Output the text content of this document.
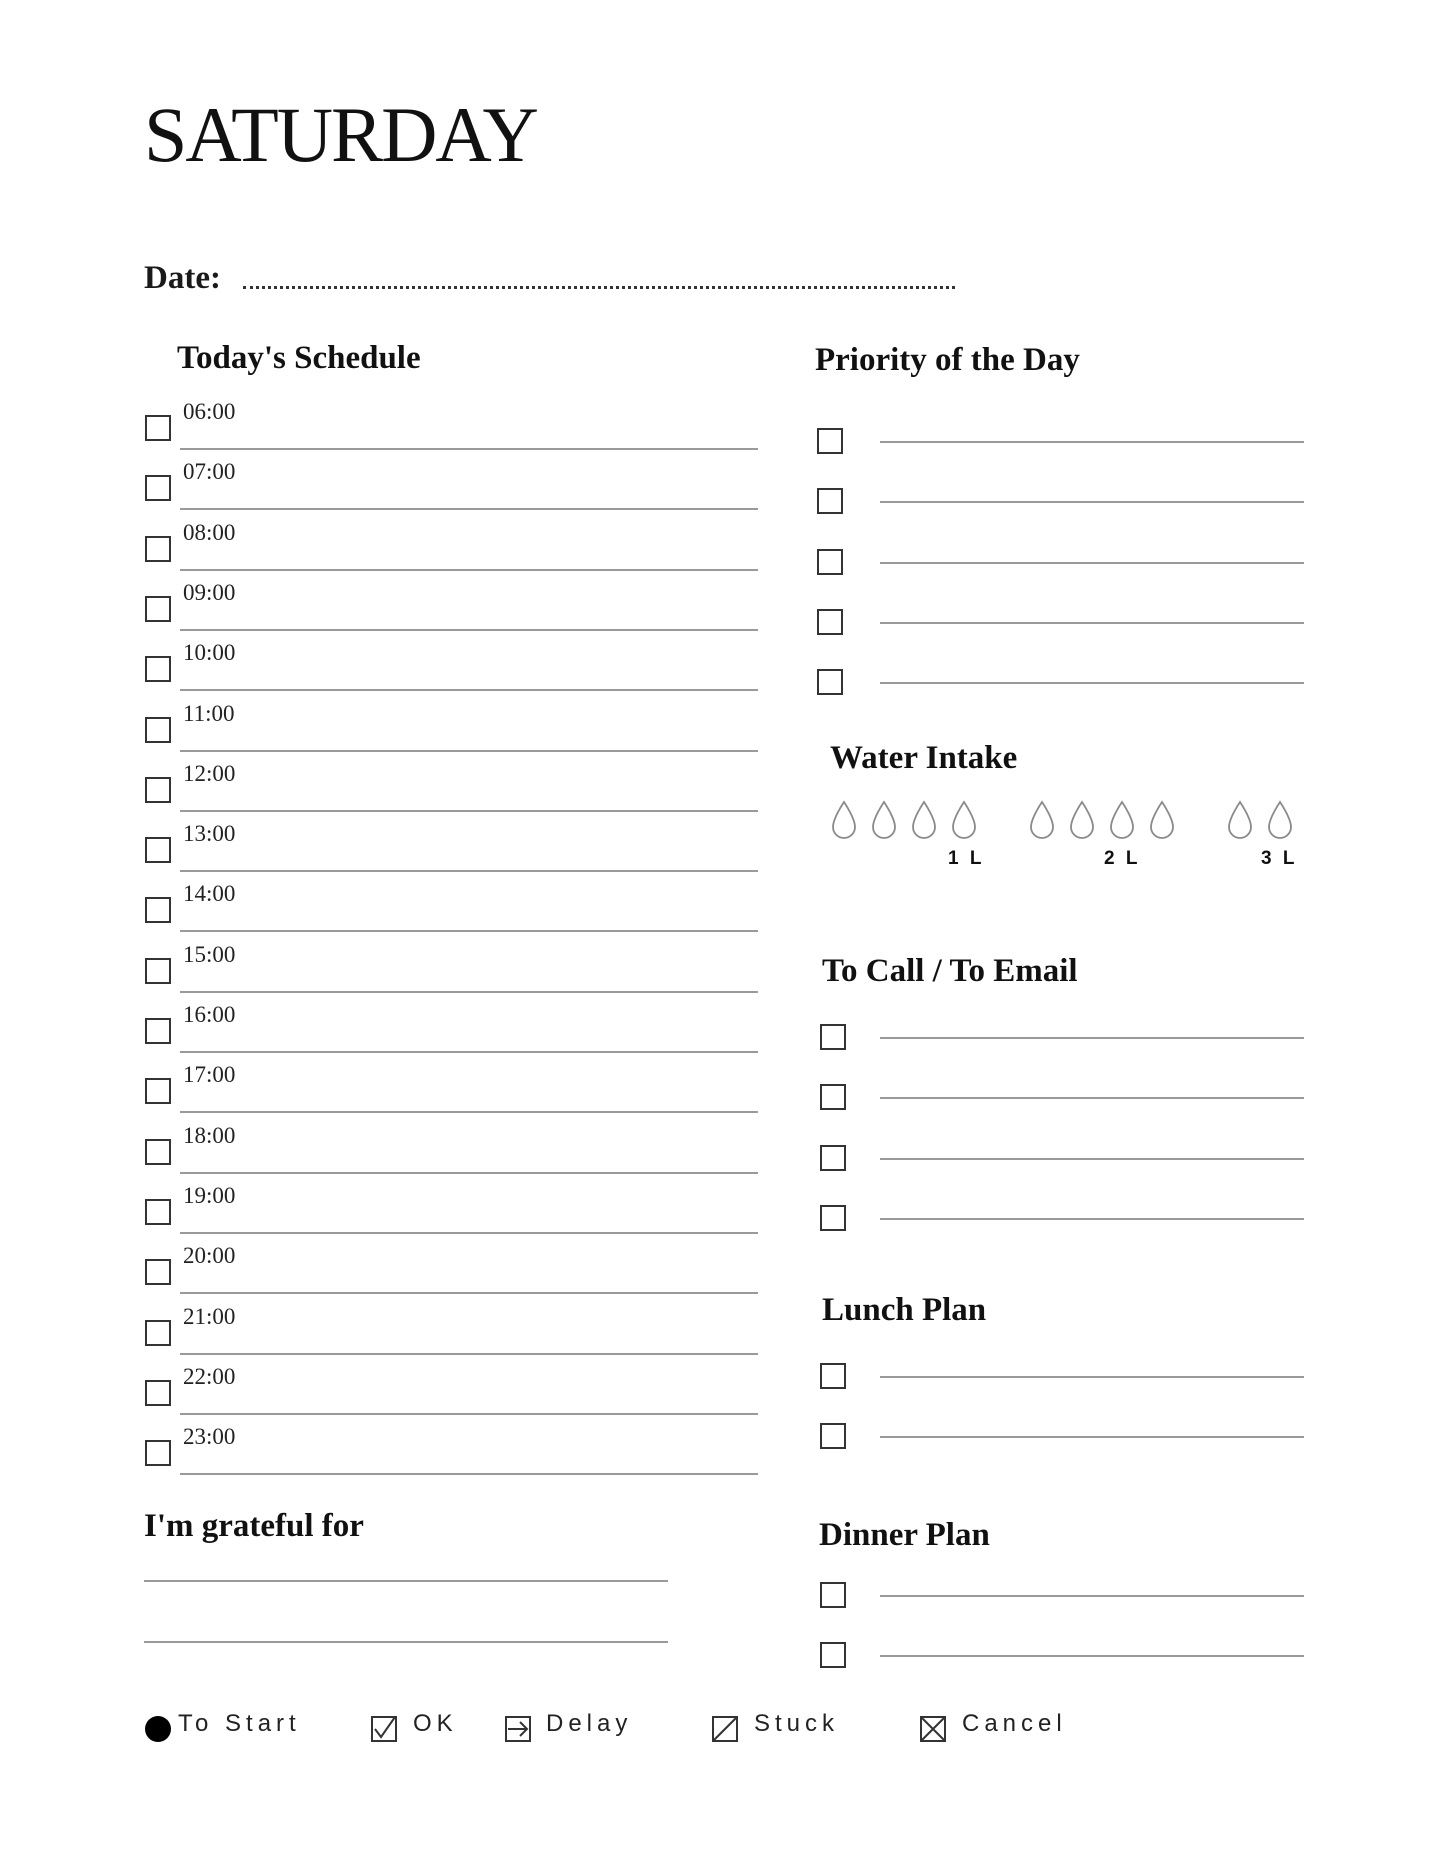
SATURDAY
Date:
Today's Schedule
06:00
07:00
08:00
09:00
10:00
11:00
12:00
13:00
14:00
15:00
16:00
17:00
18:00
19:00
20:00
21:00
22:00
23:00
I'm grateful for
Priority of the Day
Water Intake
1 L	2 L	3 L
To Call / To Email
Lunch Plan
Dinner Plan
To Start	OK	Delay	Stuck	Cancel
